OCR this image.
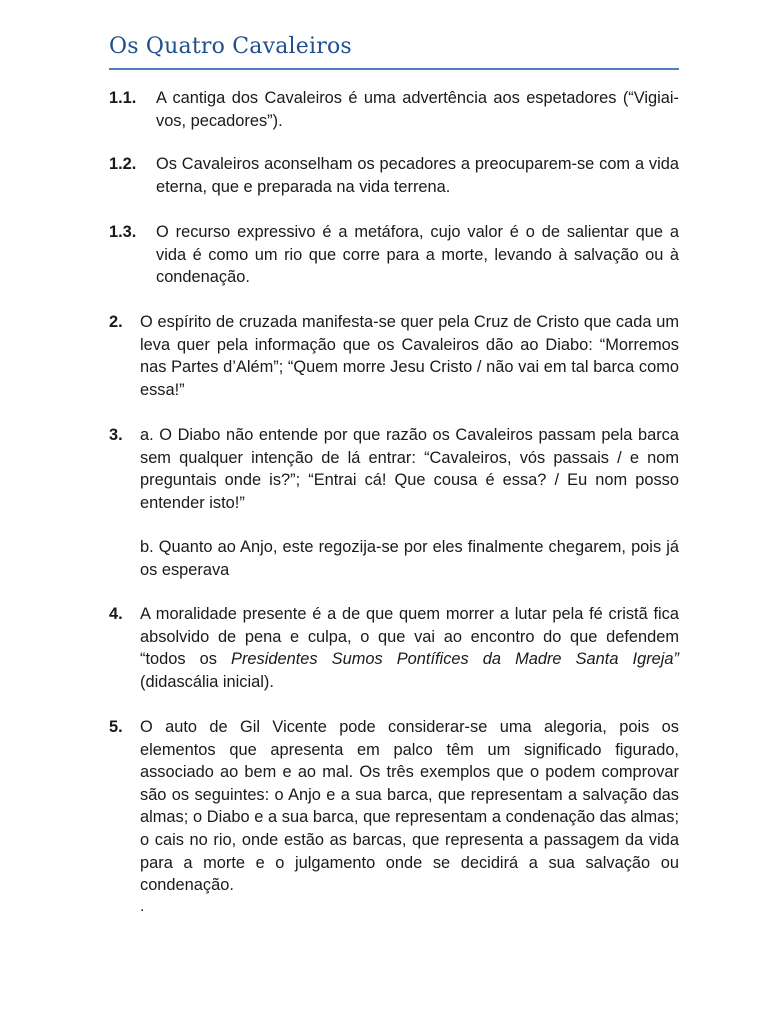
Os Quatro Cavaleiros
1.1. A cantiga dos Cavaleiros é uma advertência aos espetadores (“Vigiai-vos, pecadores”).
1.2. Os Cavaleiros aconselham os pecadores a preocuparem-se com a vida eterna, que e preparada na vida terrena.
1.3. O recurso expressivo é a metáfora, cujo valor é o de salientar que a vida é como um rio que corre para a morte, levando à salvação ou à condenação.
2. O espírito de cruzada manifesta-se quer pela Cruz de Cristo que cada um leva quer pela informação que os Cavaleiros dão ao Diabo: “Morremos nas Partes d’Além”; “Quem morre Jesu Cristo / não vai em tal barca como essa!”
3. a. O Diabo não entende por que razão os Cavaleiros passam pela barca sem qualquer intenção de lá entrar: “Cavaleiros, vós passais / e nom preguntais onde is?”; “Entrai cá! Que cousa é essa? / Eu nom posso entender isto!”

b. Quanto ao Anjo, este regozija-se por eles finalmente chegarem, pois já os esperava

4. A moralidade presente é a de que quem morrer a lutar pela fé cristã fica absolvido de pena e culpa, o que vai ao encontro do que defendem “todos os Presidentes Sumos Pontífices da Madre Santa Igreja” (didascália inicial).
5. O auto de Gil Vicente pode considerar-se uma alegoria, pois os elementos que apresenta em palco têm um significado figurado, associado ao bem e ao mal. Os três exemplos que o podem comprovar são os seguintes: o Anjo e a sua barca, que representam a salvação das almas; o Diabo e a sua barca, que representam a condenação das almas; o cais no rio, onde estão as barcas, que representa a passagem da vida para a morte e o julgamento onde se decidirá a sua salvação ou condenação.
.
